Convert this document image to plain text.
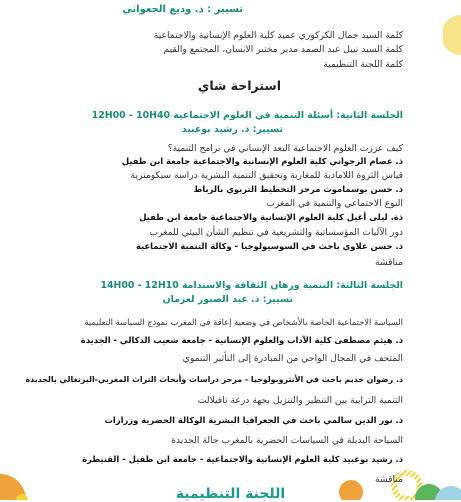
تسيير : ذ. وديع الجعواني
كلمة السيد جمال الكركوري عميد كلية العلوم الإنسانية والاجتماعية
كلمة السيد نبيل عبد الصمد مدير مختبر الانسان، المجتمع والقيم
كلمة اللجنة التنظيمية
استراحة شاي
الجلسة الثانية: أسئلة التنمية في العلوم الاجتماعية 12H00 - 10H40
تسيير: ذ. رشيد بوعبيد
كيف عززت العلوم الاجتماعية البعد الإنساني في برامج التنمية؟
ذ. عصام الرجواني كلية العلوم الإنسانية والاجتماعية جامعة ابن طفيل
قياس الثروة اللامادية للمغاربة وتحقيق التنمية البشرية دراسة سيكومترية
ذ. حسن بوسماموث مرحز التخطيط التربوي بالرباط
النوع الاجتماعي والتنمية في المغرب
ذة. ليلى أغيل كلية العلوم الإنسانية والاجتماعية جامعة ابن طفيل
دور الآليات المؤسساتية والتشريعية في تنظيم الشأن البيئي للمغرب
ذ. حسن علاوي باحث في السوسيولوجيا - وكالة التنمية الاجتماعية
مناقشة
الجلسة الثالثة: التنمية ورهان الثقافة والاستدامة 14H00 - 12H10
تسيير: ذ. عبد الصبور لعرمان
السياسة الاجتماعية الخاصة بالأشخاص في وضعية إعاقة في المغرب نموذج السياسة التعليمية
ذ. هيثم مصطفى كلية الآداب والعلوم الإنسانية - جامعة شعيب الدكالي - الجديدة
المتحف في المجال الواحي من المبادرة إلى التأثير التنموي
ذ. رضوان خديم باحث في الأنثروبولوجيا - مرحز دراسات وأبحاث التراث المغربي-البرتغالي بالجديدة
التنمية الترابية بين التنظير والتنزيل بجهة درعة تافيلالت
ذ. نور الدين سالمي باحث في الجغرافيا البشرية الوكالة الحضرية وزرازات
السياحة البديلة في السياسات الحضرية بالمغرب حالة الجديدة
ذ. رشيد بوعبيد كلية العلوم الإنسانية والاجتماعية - جامعة ابن طفيل - القنيطرة
مناقشة
اللجنة التنظيمية
